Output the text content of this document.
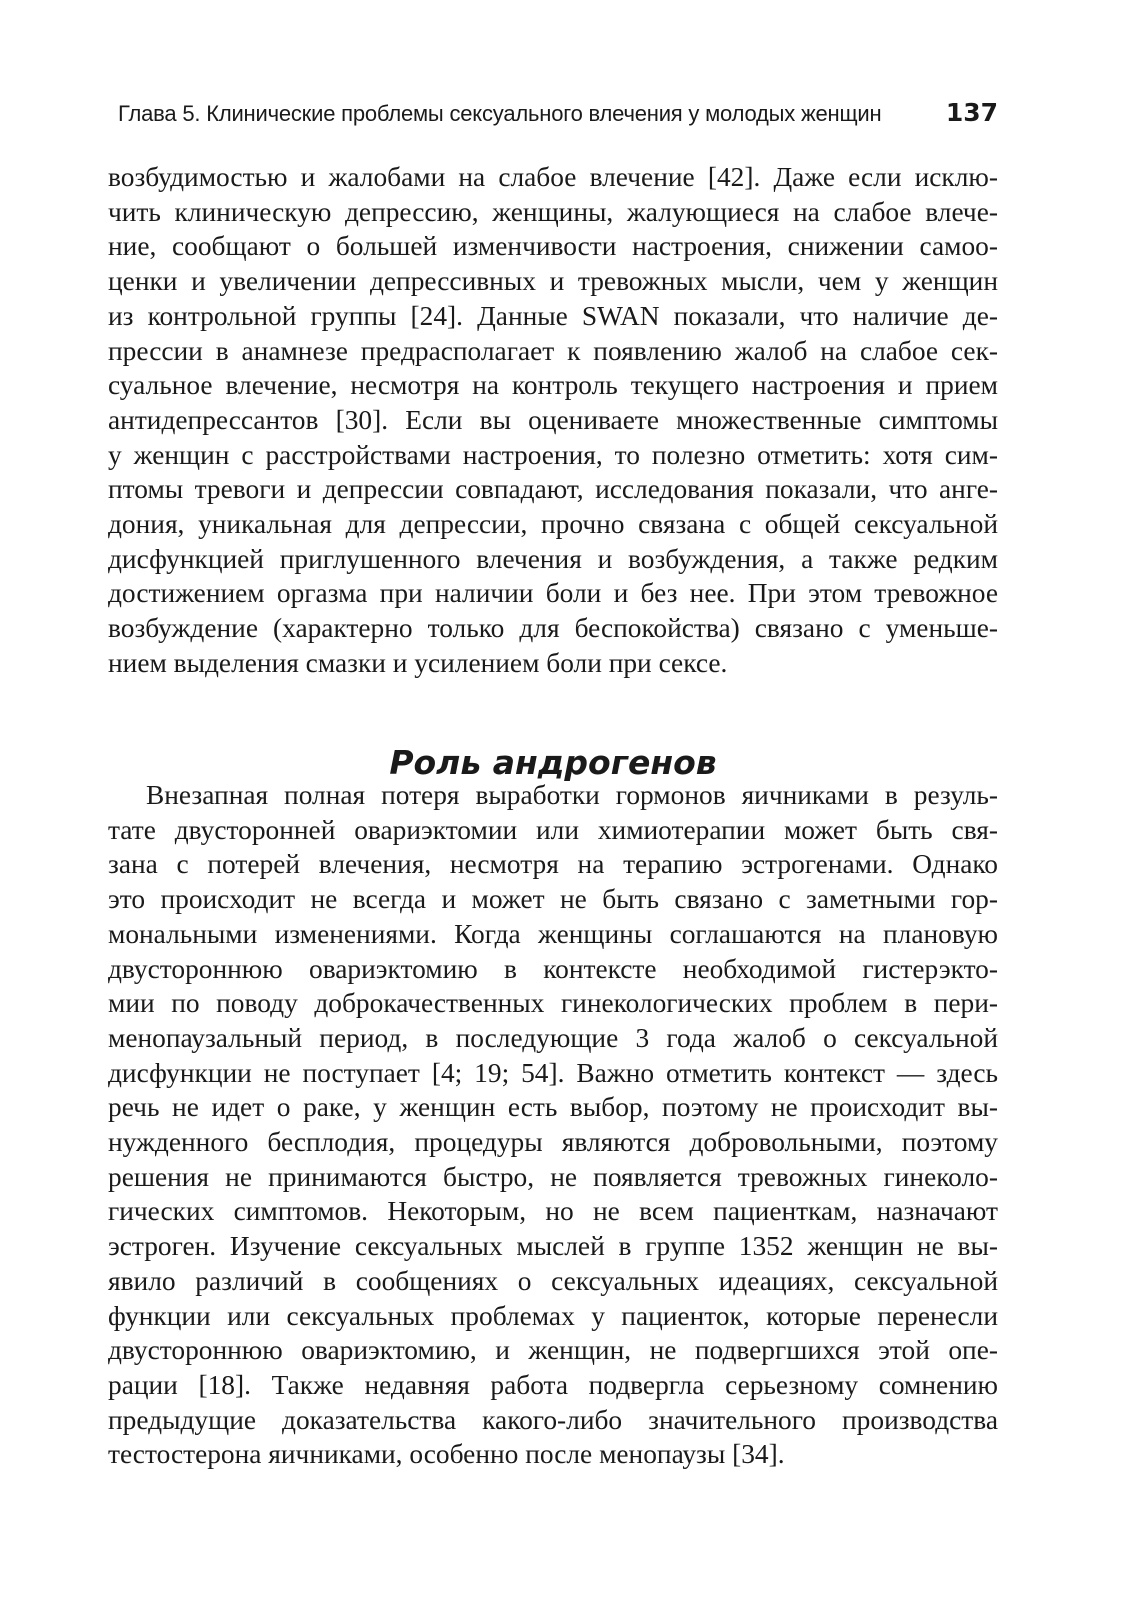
Глава 5. Клинические проблемы сексуального влечения у молодых женщин	137
возбудимостью и жалобами на слабое влечение [42]. Даже если исклю-
чить клиническую депрессию, женщины, жалующиеся на слабое влече-
ние, сообщают о большей изменчивости настроения, снижении самоо-
ценки и увеличении депрессивных и тревожных мысли, чем у женщин
из контрольной группы [24]. Данные SWAN показали, что наличие де-
прессии в анамнезе предрасполагает к появлению жалоб на слабое сек-
суальное влечение, несмотря на контроль текущего настроения и прием
антидепрессантов [30]. Если вы оцениваете множественные симптомы
у женщин с расстройствами настроения, то полезно отметить: хотя сим-
птомы тревоги и депрессии совпадают, исследования показали, что анге-
дония, уникальная для депрессии, прочно связана с общей сексуальной
дисфункцией приглушенного влечения и возбуждения, а также редким
достижением оргазма при наличии боли и без нее. При этом тревожное
возбуждение (характерно только для беспокойства) связано с уменьше-
нием выделения смазки и усилением боли при сексе.
Роль андрогенов
Внезапная полная потеря выработки гормонов яичниками в резуль-
тате двусторонней овариэктомии или химиотерапии может быть свя-
зана с потерей влечения, несмотря на терапию эстрогенами. Однако
это происходит не всегда и может не быть связано с заметными гор-
мональными изменениями. Когда женщины соглашаются на плановую
двустороннюю овариэктомию в контексте необходимой гистерэкто-
мии по поводу доброкачественных гинекологических проблем в пери-
менопаузальный период, в последующие 3 года жалоб о сексуальной
дисфункции не поступает [4; 19; 54]. Важно отметить контекст — здесь
речь не идет о раке, у женщин есть выбор, поэтому не происходит вы-
нужденного бесплодия, процедуры являются добровольными, поэтому
решения не принимаются быстро, не появляется тревожных гинеколо-
гических симптомов. Некоторым, но не всем пациенткам, назначают
эстроген. Изучение сексуальных мыслей в группе 1352 женщин не вы-
явило различий в сообщениях о сексуальных идеациях, сексуальной
функции или сексуальных проблемах у пациенток, которые перенесли
двустороннюю овариэктомию, и женщин, не подвергшихся этой опе-
рации [18]. Также недавняя работа подвергла серьезному сомнению
предыдущие доказательства какого-либо значительного производства
тестостерона яичниками, особенно после менопаузы [34].
